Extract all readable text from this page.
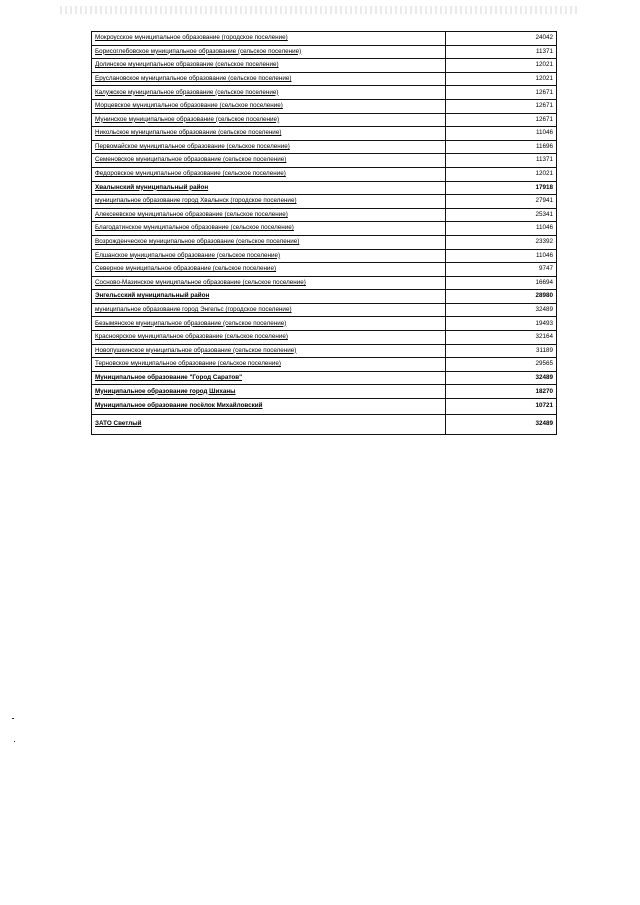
Мокроусское муниципальное образование (городское поселение)	24042
Борисоглебовское муниципальное образование (сельское поселение)	11371
Долинское муниципальное образование (сельское поселение)	12021
Еруслановское муниципальное образование (сельское поселение)	12021
Калужское муниципальное образование (сельское поселение)	12671
Морцевское муниципальное образование (сельское поселение)	12671
Мунинское муниципальное образование (сельское поселение)	12671
Никольское муниципальное образование (сельское поселение)	11046
Первомайское муниципальное образование (сельское поселение)	11696
Семеновское муниципальное образование (сельское поселение)	11371
Федоровское муниципальное образование (сельское поселение)	12021
Хвалынский муниципальный район	17918
муниципальное образование город Хвалынск (городское поселение)	27941
Алексеевское муниципальное образование (сельское поселение)	25341
Благодатинское муниципальное образование (сельское поселение)	11046
Возрожденческое муниципальное образование (сельское поселение)	23392
Елшанское муниципальное образование (сельское поселение)	11046
Северное муниципальное образование (сельское поселение)	9747
Сосново-Мазинское муниципальное образование (сельское поселение)	16694
Энгельсский муниципальный район	28980
муниципальное образование город Энгельс (городское поселение)	32489
Безымянское муниципальное образование (сельское поселение)	19493
Красноярское муниципальное образование (сельское поселение)	32164
Новопушкинское муниципальное образование (сельское поселение)	31189
Терновское муниципальное образование (сельское поселение)	29565
Муниципальное образование "Город Саратов"	32489
Муниципальное образование город Шиханы	18270
Муниципальное образование посёлок Михайловский	10721
ЗАТО Светлый	32489
